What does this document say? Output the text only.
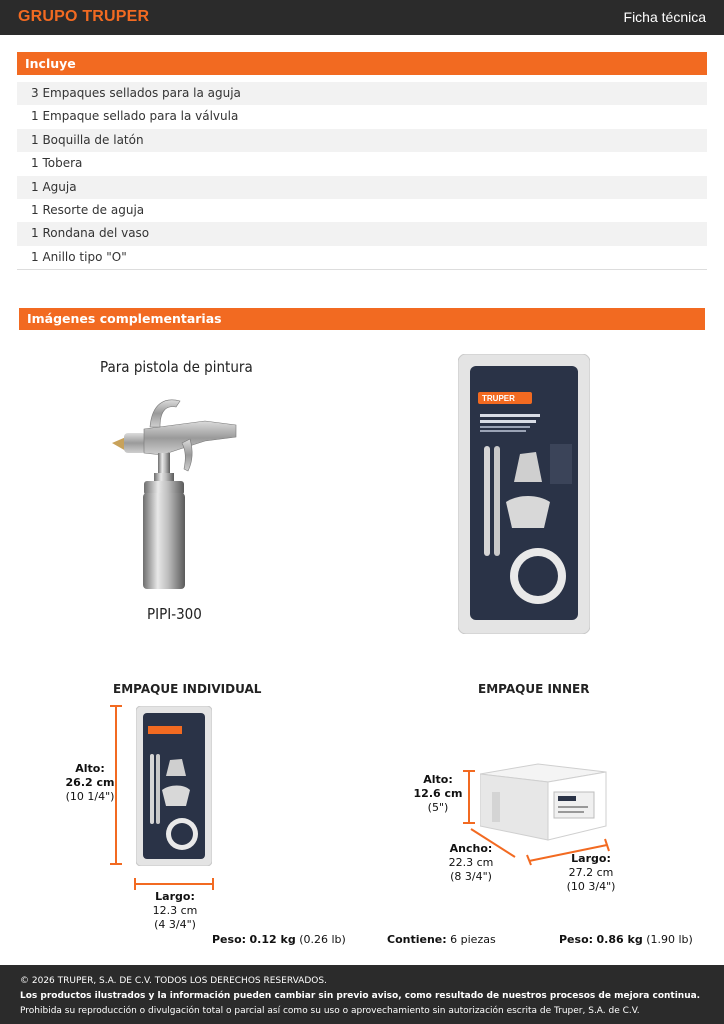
GRUPO TRUPER	Ficha técnica
Incluye
3 Empaques sellados para la aguja
1 Empaque sellado para la válvula
1 Boquilla de latón
1 Tobera
1 Aguja
1 Resorte de aguja
1 Rondana del vaso
1 Anillo tipo "O"
Imágenes complementarias
Para pistola de pintura
PIPI-300
TRUPER
EMPAQUE INDIVIDUAL
Alto:
26.2 cm
(10 1/4")
Largo:
12.3 cm
(4 3/4")
EMPAQUE INNER
Alto:
12.6 cm
(5")
Ancho:
22.3 cm
(8 3/4")
Largo:
27.2 cm
(10 3/4")
Peso: 0.12 kg (0.26 lb)	Contiene: 6 piezas	Peso: 0.86 kg (1.90 lb)
© 2026 TRUPER, S.A. DE C.V. TODOS LOS DERECHOS RESERVADOS.
Los productos ilustrados y la información pueden cambiar sin previo aviso, como resultado de nuestros procesos de mejora continua.
Prohibida su reproducción o divulgación total o parcial así como su uso o aprovechamiento sin autorización escrita de Truper, S.A. de C.V.
